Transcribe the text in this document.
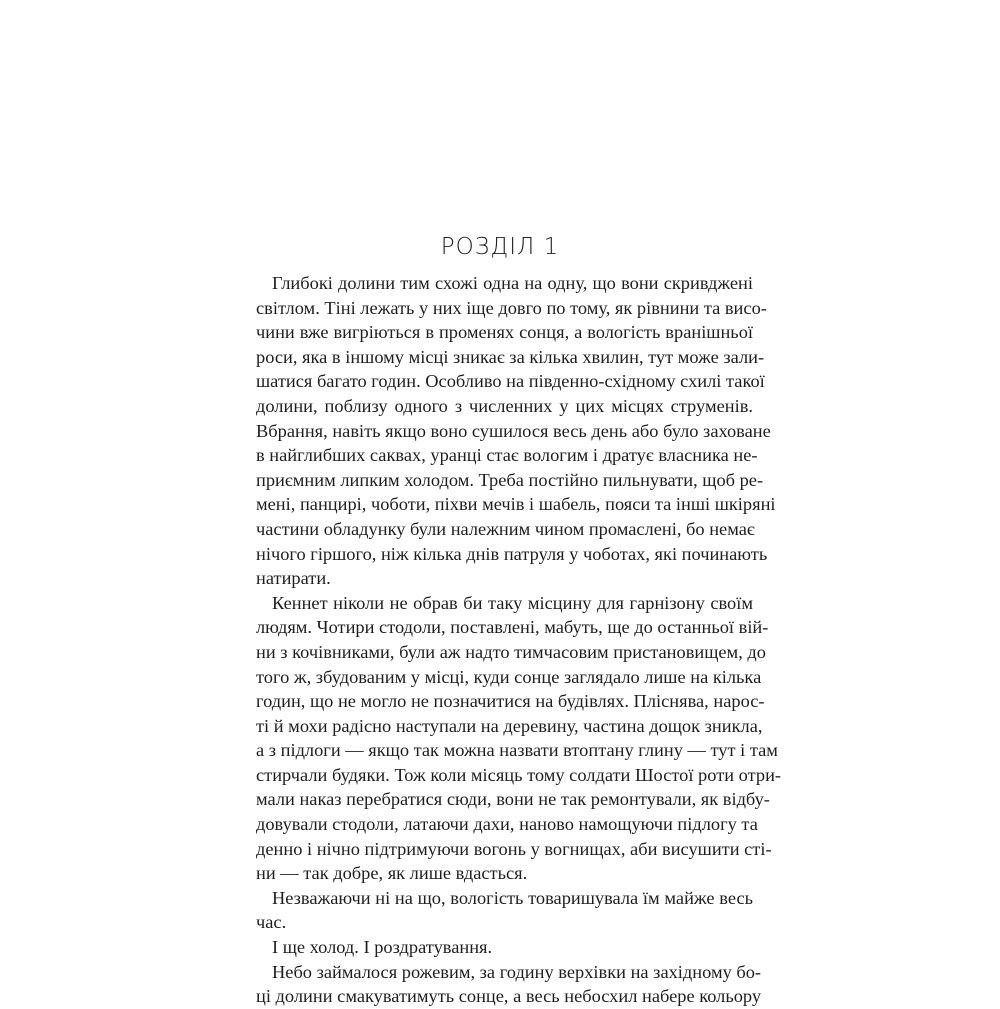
РОЗДІЛ 1
Глибокі долини тим схожі одна на одну, що вони скривджені
світлом. Тіні лежать у них іще довго по тому, як рівнини та висо-
чини вже вигріються в променях сонця, а вологість вранішньої
роси, яка в іншому місці зникає за кілька хвилин, тут може зали-
шатися багато годин. Особливо на південно-східному схилі такої
долини, поблизу одного з численних у цих місцях струменів.
Вбрання, навіть якщо воно сушилося весь день або було заховане
в найглибших саквах, уранці стає вологим і дратує власника не-
приємним липким холодом. Треба постійно пильнувати, щоб ре-
мені, панцирі, чоботи, піхви мечів і шабель, пояси та інші шкіряні
частини обладунку були належним чином промаслені, бо немає
нічого гіршого, ніж кілька днів патруля у чоботах, які починають
натирати.
Кеннет ніколи не обрав би таку місцину для гарнізону своїм
людям. Чотири стодоли, поставлені, мабуть, ще до останньої вій-
ни з кочівниками, були аж надто тимчасовим пристановищем, до
того ж, збудованим у місці, куди сонце заглядало лише на кілька
годин, що не могло не позначитися на будівлях. Пліснява, нарос-
ті й мохи радісно наступали на деревину, частина дощок зникла,
а з підлоги — якщо так можна назвати втоптану глину — тут і там
стирчали будяки. Тож коли місяць тому солдати Шостої роти отри-
мали наказ перебратися сюди, вони не так ремонтували, як відбу-
довували стодоли, латаючи дахи, наново намощуючи підлогу та
денно і нічно підтримуючи вогонь у вогнищах, аби висушити сті-
ни — так добре, як лише вдасться.
Незважаючи ні на що, вологість товаришувала їм майже весь
час.
І ще холод. І роздратування.
Небо займалося рожевим, за годину верхівки на західному бо-
ці долини смакуватимуть сонце, а весь небосхил набере кольору
